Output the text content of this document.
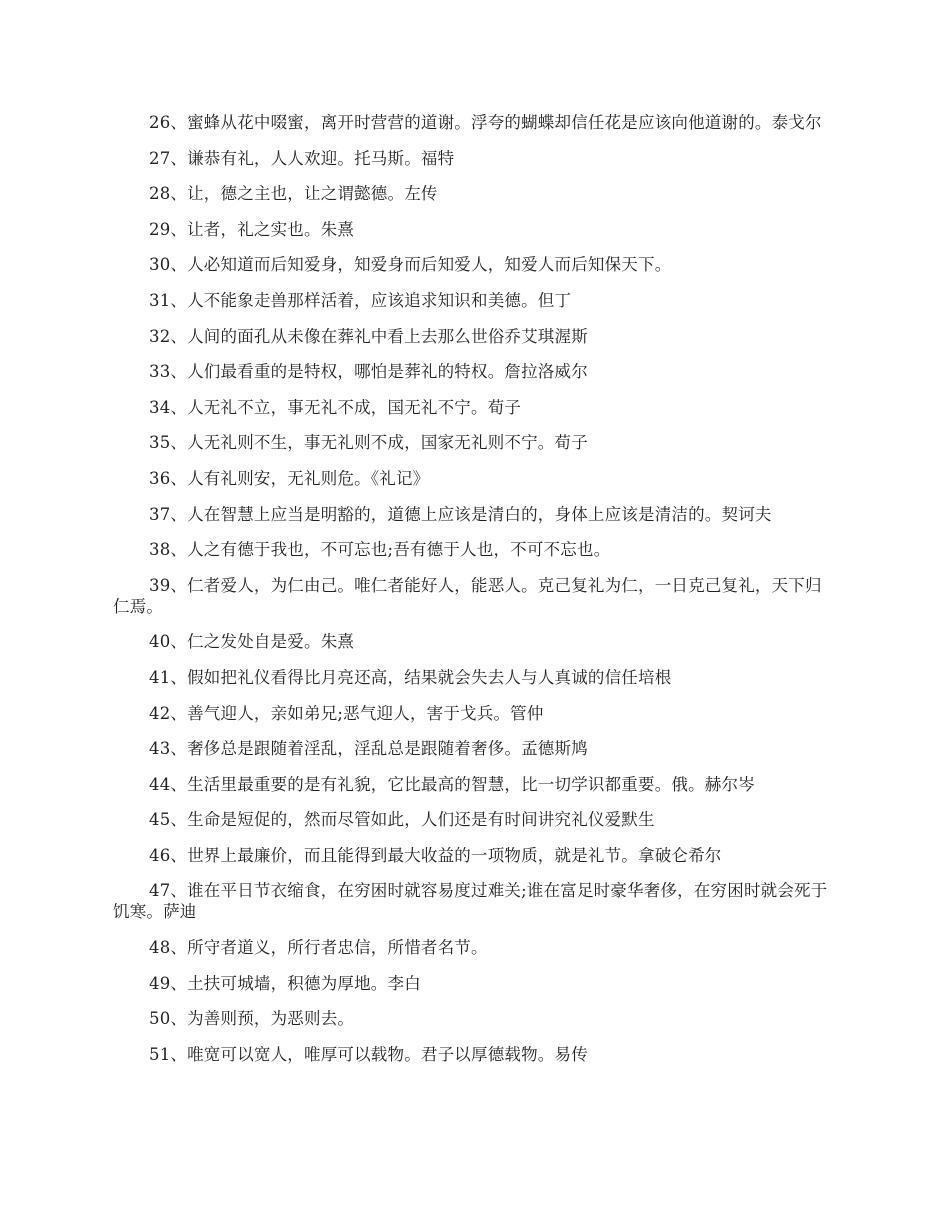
26、蜜蜂从花中啜蜜，离开时营营的道谢。浮夸的蝴蝶却信任花是应该向他道谢的。泰戈尔

27、谦恭有礼，人人欢迎。托马斯。福特

28、让，德之主也，让之谓懿德。左传

29、让者，礼之实也。朱熹

30、人必知道而后知爱身，知爱身而后知爱人，知爱人而后知保天下。

31、人不能象走兽那样活着，应该追求知识和美德。但丁

32、人间的面孔从未像在葬礼中看上去那么世俗乔艾琪渥斯

33、人们最看重的是特权，哪怕是葬礼的特权。詹拉洛威尔

34、人无礼不立，事无礼不成，国无礼不宁。荀子

35、人无礼则不生，事无礼则不成，国家无礼则不宁。荀子

36、人有礼则安，无礼则危。《礼记》

37、人在智慧上应当是明豁的，道德上应该是清白的，身体上应该是清洁的。契诃夫

38、人之有德于我也，不可忘也;吾有德于人也，不可不忘也。

39、仁者爱人，为仁由己。唯仁者能好人，能恶人。克己复礼为仁，一日克己复礼，天下归仁焉。

40、仁之发处自是爱。朱熹

41、假如把礼仪看得比月亮还高，结果就会失去人与人真诚的信任培根

42、善气迎人，亲如弟兄;恶气迎人，害于戈兵。管仲

43、奢侈总是跟随着淫乱，淫乱总是跟随着奢侈。孟德斯鸠

44、生活里最重要的是有礼貌，它比最高的智慧，比一切学识都重要。俄。赫尔岑

45、生命是短促的，然而尽管如此，人们还是有时间讲究礼仪爱默生

46、世界上最廉价，而且能得到最大收益的一项物质，就是礼节。拿破仑希尔

47、谁在平日节衣缩食，在穷困时就容易度过难关;谁在富足时豪华奢侈，在穷困时就会死于饥寒。萨迪

48、所守者道义，所行者忠信，所惜者名节。

49、土扶可城墙，积德为厚地。李白

50、为善则预，为恶则去。

51、唯宽可以宽人，唯厚可以载物。君子以厚德载物。易传
